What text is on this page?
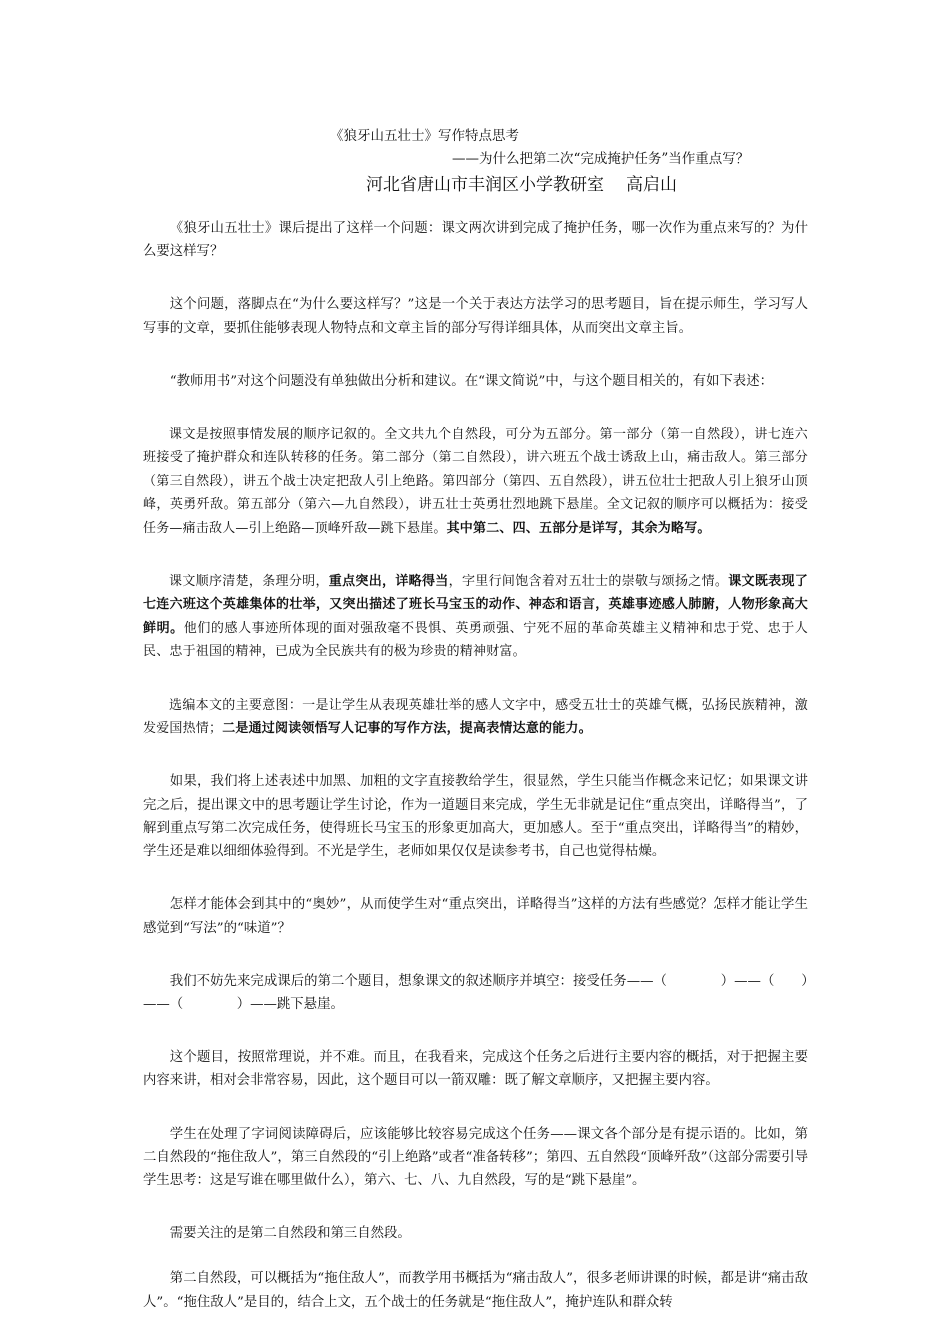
《狼牙山五壮士》写作特点思考
——为什么把第二次“完成掩护任务”当作重点写？
河北省唐山市丰润区小学教研室 高启山

《狼牙山五壮士》课后提出了这样一个问题：课文两次讲到完成了掩护任务，哪一次作为重点来写的？为什么要这样写？

这个问题，落脚点在“为什么要这样写？”这是一个关于表达方法学习的思考题目，旨在提示师生，学习写人写事的文章，要抓住能够表现人物特点和文章主旨的部分写得详细具体，从而突出文章主旨。

“教师用书”对这个问题没有单独做出分析和建议。在“课文简说”中，与这个题目相关的，有如下表述：

课文是按照事情发展的顺序记叙的。全文共九个自然段，可分为五部分。第一部分（第一自然段），讲七连六班接受了掩护群众和连队转移的任务。第二部分（第二自然段），讲六班五个战士诱敌上山，痛击敌人。第三部分（第三自然段），讲五个战士决定把敌人引上绝路。第四部分（第四、五自然段），讲五位壮士把敌人引上狼牙山顶峰，英勇歼敌。第五部分（第六—九自然段），讲五壮士英勇壮烈地跳下悬崖。全文记叙的顺序可以概括为：接受任务—痛击敌人—引上绝路—顶峰歼敌—跳下悬崖。其中第二、四、五部分是详写，其余为略写。

课文顺序清楚，条理分明，重点突出，详略得当，字里行间饱含着对五壮士的崇敬与颂扬之情。课文既表现了七连六班这个英雄集体的壮举，又突出描述了班长马宝玉的动作、神态和语言，英雄事迹感人肺腑，人物形象高大鲜明。他们的感人事迹所体现的面对强敌毫不畏惧、英勇顽强、宁死不屈的革命英雄主义精神和忠于党、忠于人民、忠于祖国的精神，已成为全民族共有的极为珍贵的精神财富。

选编本文的主要意图：一是让学生从表现英雄壮举的感人文字中，感受五壮士的英雄气概，弘扬民族精神，激发爱国热情；二是通过阅读领悟写人记事的写作方法，提高表情达意的能力。

如果，我们将上述表述中加黑、加粗的文字直接教给学生，很显然，学生只能当作概念来记忆；如果课文讲完之后，提出课文中的思考题让学生讨论，作为一道题目来完成，学生无非就是记住“重点突出，详略得当”，了解到重点写第二次完成任务，使得班长马宝玉的形象更加高大，更加感人。至于“重点突出，详略得当”的精妙，学生还是难以细细体验得到。不光是学生，老师如果仅仅是读参考书，自己也觉得枯燥。

怎样才能体会到其中的“奥妙”，从而使学生对“重点突出，详略得当”这样的方法有些感觉？怎样才能让学生感觉到“写法”的“味道”？

我们不妨先来完成课后的第二个题目，想象课文的叙述顺序并填空：接受任务——（　　　　）——（　　）——（　　　　）——跳下悬崖。

这个题目，按照常理说，并不难。而且，在我看来，完成这个任务之后进行主要内容的概括，对于把握主要内容来讲，相对会非常容易，因此，这个题目可以一箭双雕：既了解文章顺序，又把握主要内容。

学生在处理了字词阅读障碍后，应该能够比较容易完成这个任务——课文各个部分是有提示语的。比如，第二自然段的“拖住敌人”，第三自然段的“引上绝路”或者“准备转移”；第四、五自然段“顶峰歼敌”（这部分需要引导学生思考：这是写谁在哪里做什么），第六、七、八、九自然段，写的是“跳下悬崖”。

需要关注的是第二自然段和第三自然段。

第二自然段，可以概括为“拖住敌人”，而教学用书概括为“痛击敌人”，很多老师讲课的时候，都是讲“痛击敌人”。“拖住敌人”是目的，结合上文，五个战士的任务就是“拖住敌人”，掩护连队和群众转
